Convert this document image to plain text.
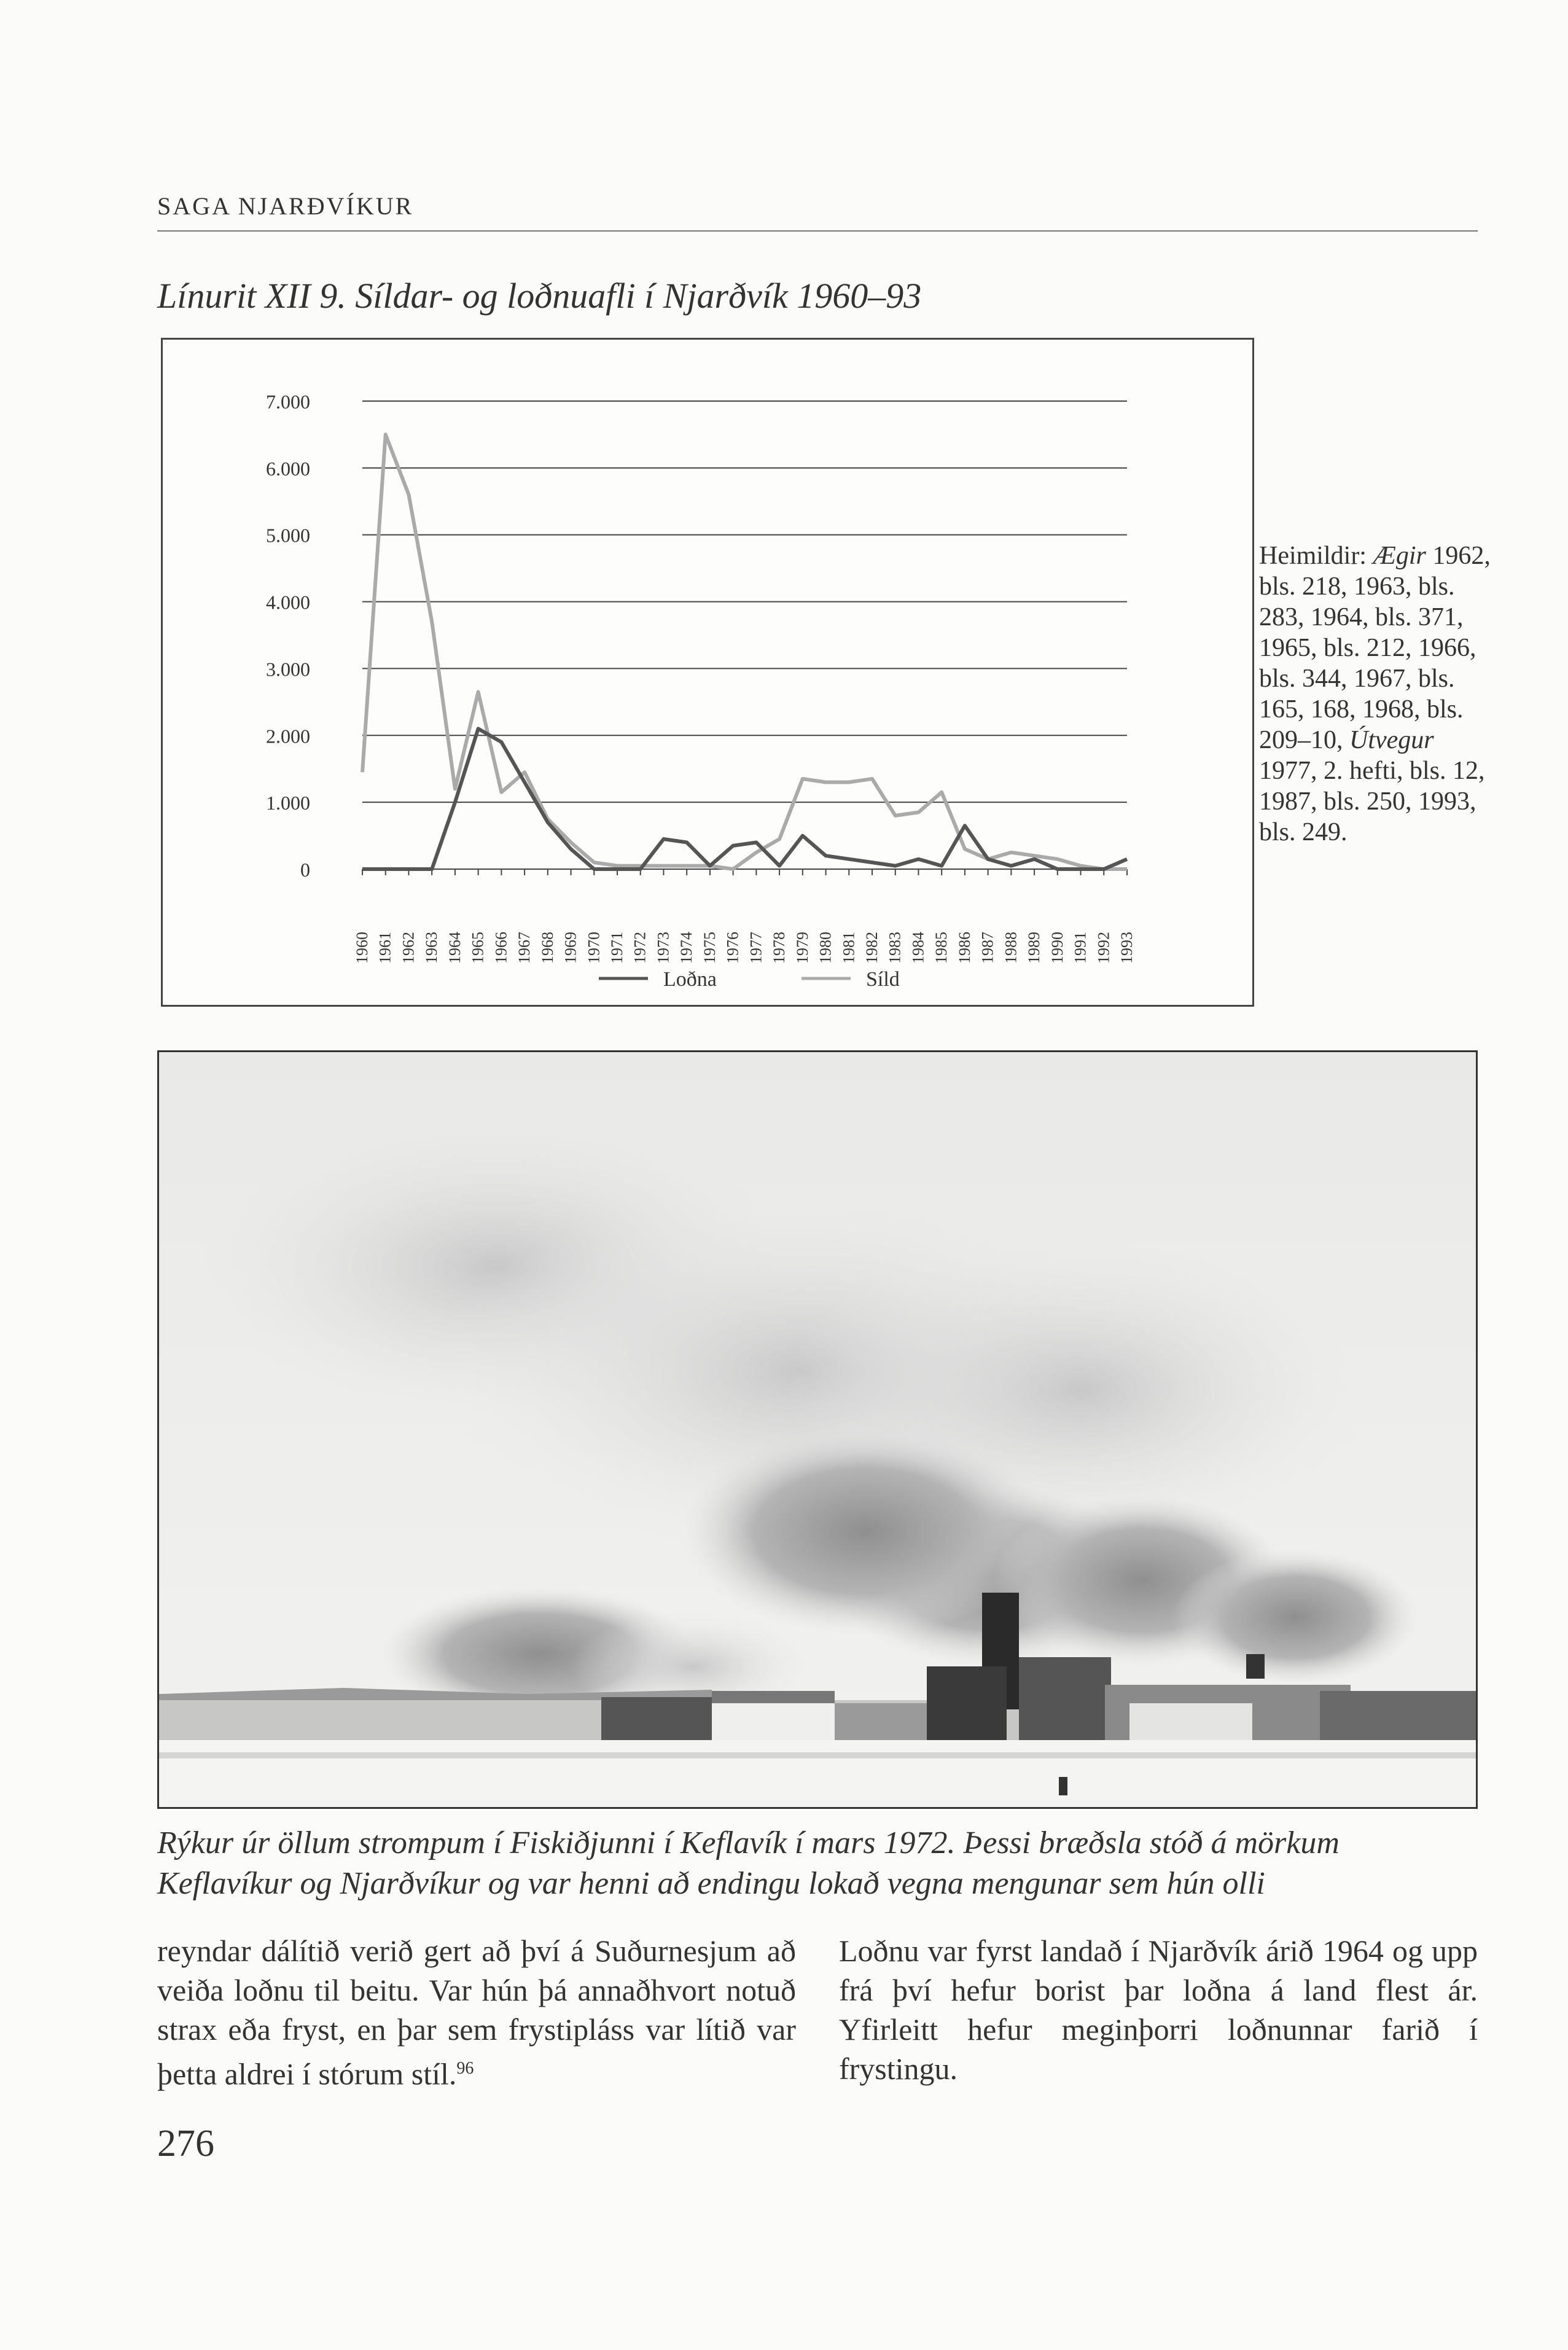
SAGA NJARÐVÍKUR
Línurit XII 9. Síldar- og loðnuafli í Njarðvík 1960–93
0
1.000
2.000
3.000
4.000
5.000
6.000
7.000
1960 1961 1962 1963 1964 1965 1966 1967 1968 1969 1970 1971 1972 1973 1974 1975 1976 1977 1978 1979 1980 1981 1982 1983 1984 1985 1986 1987 1988 1989 1990 1991 1992 1993
Loðna	Síld
Heimildir: Ægir 1962, bls. 218, 1963, bls. 283, 1964, bls. 371, 1965, bls. 212, 1966, bls. 344, 1967, bls. 165, 168, 1968, bls. 209–10, Útvegur 1977, 2. hefti, bls. 12, 1987, bls. 250, 1993, bls. 249.
Rýkur úr öllum strompum í Fiskiðjunni í Keflavík í mars 1972. Þessi bræðsla stóð á mörkum Keflavíkur og Njarðvíkur og var henni að endingu lokað vegna mengunar sem hún olli
reyndar dálítið verið gert að því á Suðurnesjum að veiða loðnu til beitu. Var hún þá annaðhvort notuð strax eða fryst, en þar sem frystipláss var lítið var þetta aldrei í stórum stíl.$^{96}$
Loðnu var fyrst landað í Njarðvík árið 1964 og upp frá því hefur borist þar loðna á land flest ár. Yfirleitt hefur meginþorri loðnunnar farið í frystingu.
276
